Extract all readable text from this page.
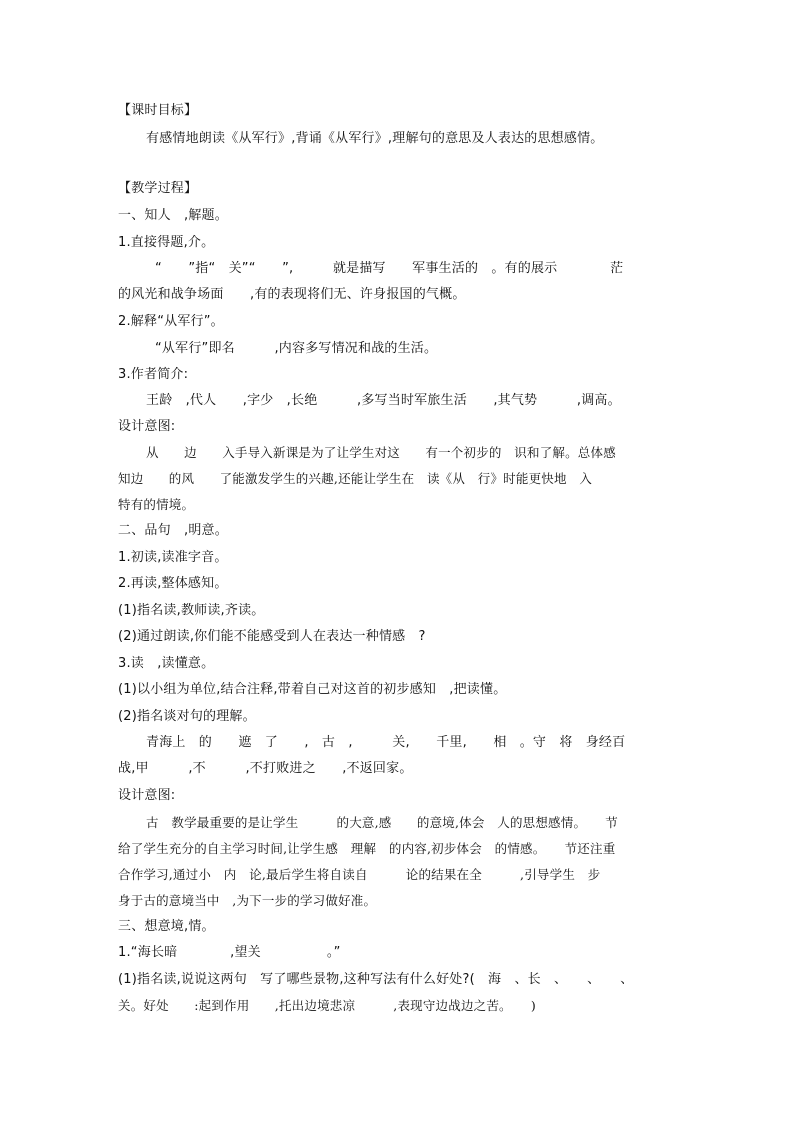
【课时目标】
有感情地朗读《从军行》,背诵《从军行》,理解句的意思及人表达的思想感情。
【教学过程】
一、知人　,解题。
1.直接得题,介。
“　　”指“　关”“　　”,　　　就是描写　　军事生活的　。有的展示　　　　茫
的风光和战争场面　　,有的表现将们无、许身报国的气概。
2.解释“从军行”。
“从军行”即名　　　,内容多写情况和战的生活。
3.作者简介:
王龄　,代人　　,字少　,长绝　　　,多写当时军旅生活　　,其气势　　　,调高。
设计意图:
从　　边　　入手导入新课是为了让学生对这　　有一个初步的　识和了解。总体感
知边　　的风　　了能激发学生的兴趣,还能让学生在　读《从　行》时能更快地　入
特有的情境。
二、品句　,明意。
1.初读,读准字音。
2.再读,整体感知。
(1)指名读,教师读,齐读。
(2)通过朗读,你们能不能感受到人在表达一种情感　?
3.读　,读懂意。
(1)以小组为单位,结合注释,带着自己对这首的初步感知　,把读懂。
(2)指名谈对句的理解。
青海上　的　　遮　了　　,　古　,　　　关,　　千里,　　相　。守　将　身经百
战,甲　　　,不　　　,不打败进之　　,不返回家。
设计意图:
古　教学最重要的是让学生　　　的大意,感　　的意境,体会　人的思想感情。　　节
给了学生充分的自主学习时间,让学生感　理解　的内容,初步体会　的情感。　　节还注重
合作学习,通过小　内　论,最后学生将自读自　　　论的结果在全　　　,引导学生　步
身于古的意境当中　,为下一步的学习做好准。
三、想意境,情。
1.“海长暗　　　　,望关　　　　　。”
(1)指名读,说说这两句　写了哪些景物,这种写法有什么好处?(　海　、长　、　　、　　、
关。好处　　:起到作用　　,托出边境悲凉　　　,表现守边战边之苦。　　)
